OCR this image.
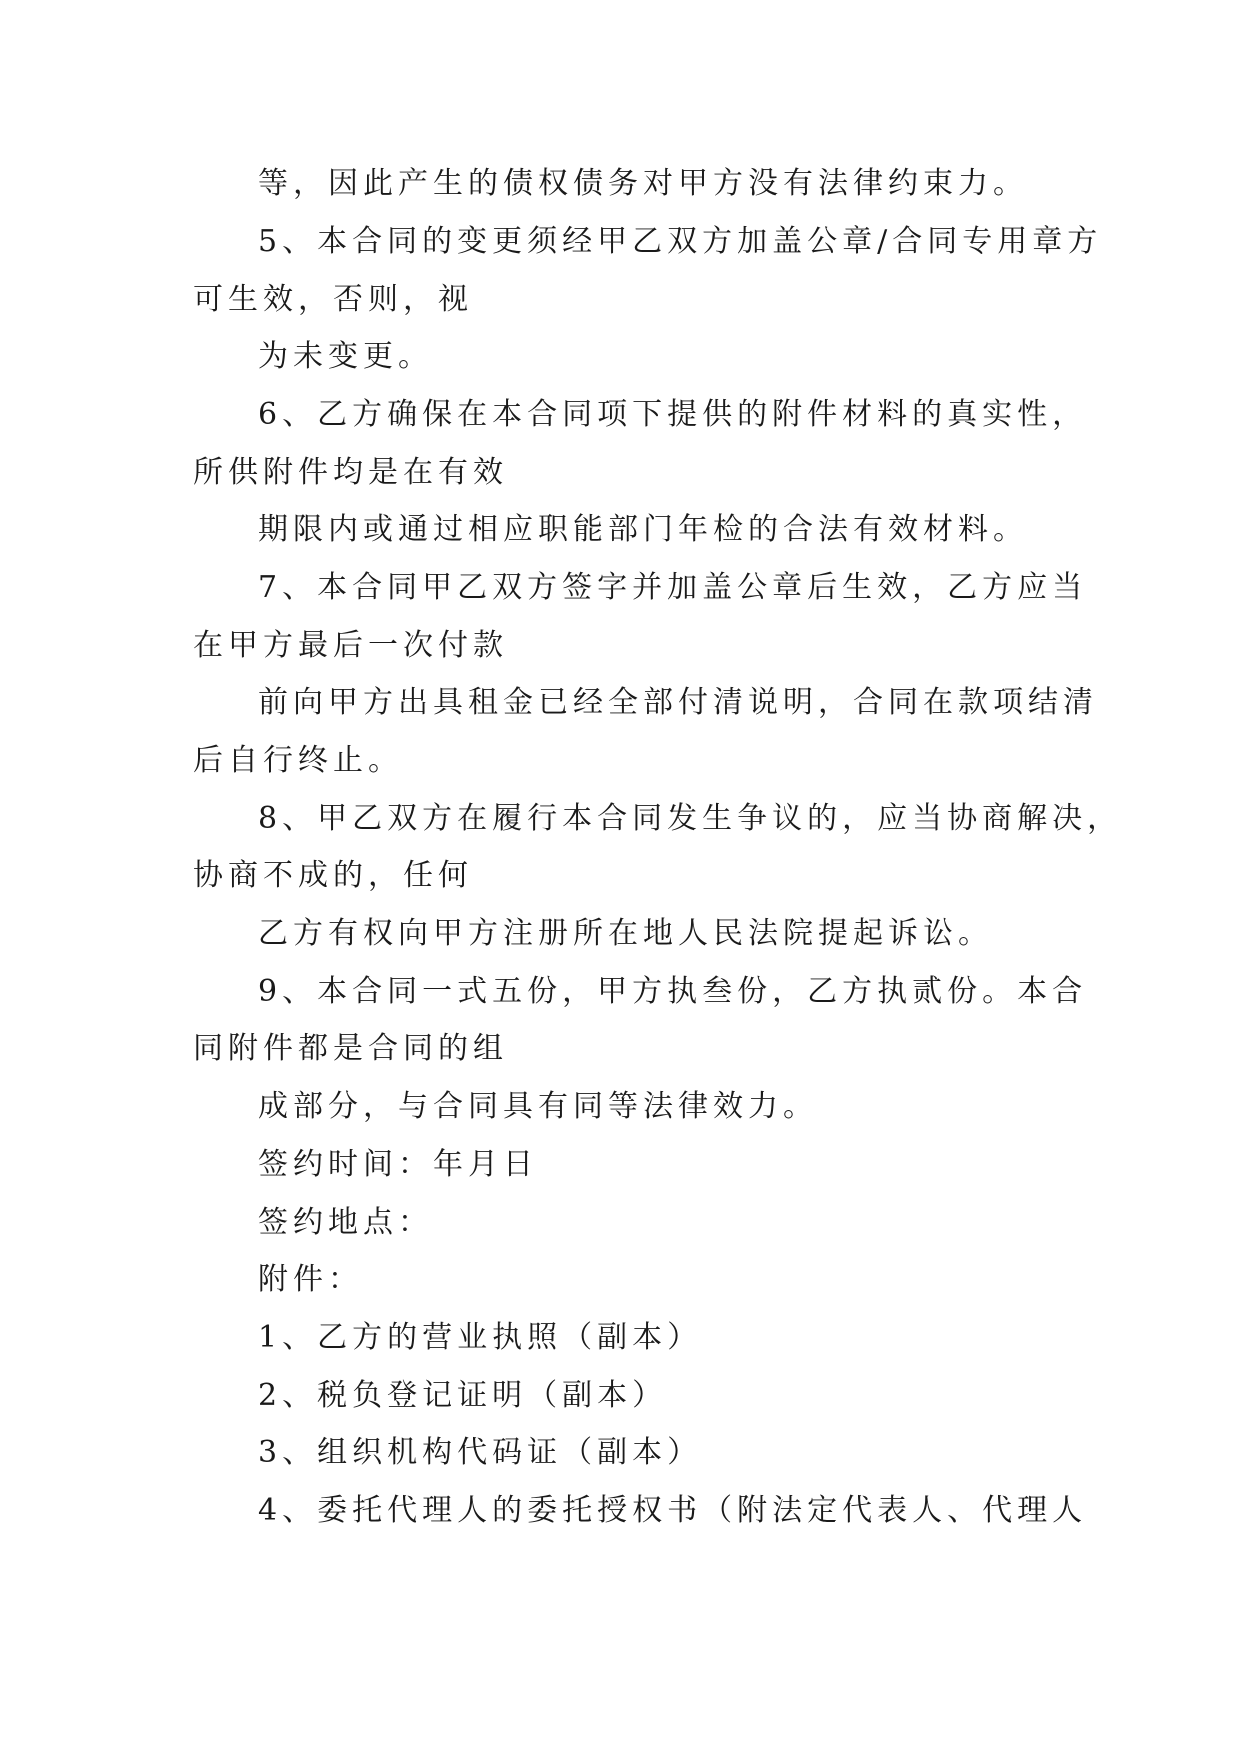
等，因此产生的债权债务对甲方没有法律约束力。

5、本合同的变更须经甲乙双方加盖公章/合同专用章方

可生效，否则，视

为未变更。

6、乙方确保在本合同项下提供的附件材料的真实性，

所供附件均是在有效

期限内或通过相应职能部门年检的合法有效材料。

7、本合同甲乙双方签字并加盖公章后生效，乙方应当

在甲方最后一次付款

前向甲方出具租金已经全部付清说明，合同在款项结清

后自行终止。

8、甲乙双方在履行本合同发生争议的，应当协商解决，

协商不成的，任何

乙方有权向甲方注册所在地人民法院提起诉讼。

9、本合同一式五份，甲方执叁份，乙方执贰份。本合

同附件都是合同的组

成部分，与合同具有同等法律效力。

签约时间：年月日

签约地点：

附件：

1、乙方的营业执照（副本）

2、税负登记证明（副本）

3、组织机构代码证（副本）

4、委托代理人的委托授权书（附法定代表人、代理人
